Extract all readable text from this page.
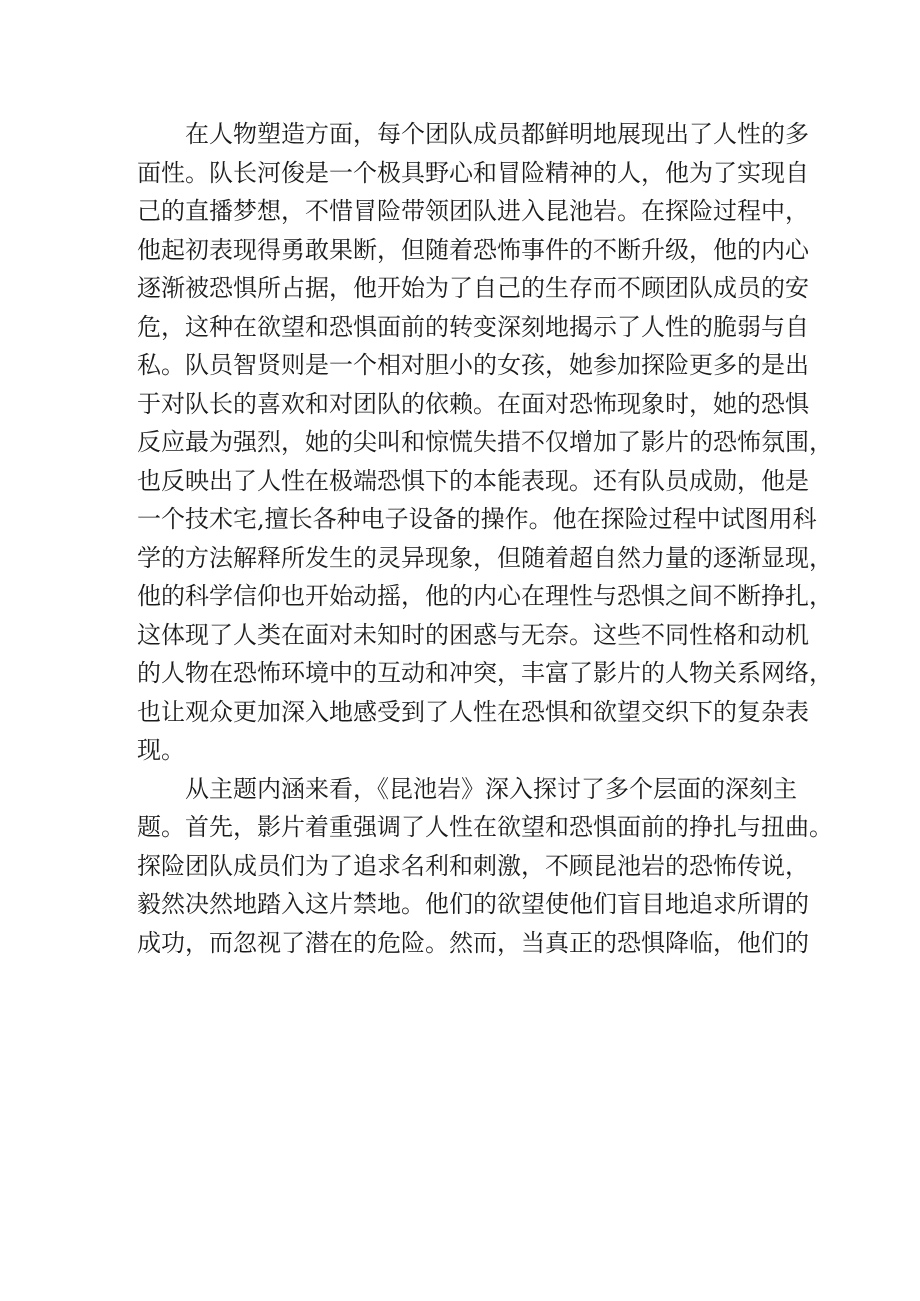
在人物塑造方面，每个团队成员都鲜明地展现出了人性的多
面性。队长河俊是一个极具野心和冒险精神的人，他为了实现自
己的直播梦想，不惜冒险带领团队进入昆池岩。在探险过程中，
他起初表现得勇敢果断，但随着恐怖事件的不断升级，他的内心
逐渐被恐惧所占据，他开始为了自己的生存而不顾团队成员的安
危，这种在欲望和恐惧面前的转变深刻地揭示了人性的脆弱与自
私。队员智贤则是一个相对胆小的女孩，她参加探险更多的是出
于对队长的喜欢和对团队的依赖。在面对恐怖现象时，她的恐惧
反应最为强烈，她的尖叫和惊慌失措不仅增加了影片的恐怖氛围，
也反映出了人性在极端恐惧下的本能表现。还有队员成勋，他是
一个技术宅,擅长各种电子设备的操作。他在探险过程中试图用科
学的方法解释所发生的灵异现象，但随着超自然力量的逐渐显现，
他的科学信仰也开始动摇，他的内心在理性与恐惧之间不断挣扎，
这体现了人类在面对未知时的困惑与无奈。这些不同性格和动机
的人物在恐怖环境中的互动和冲突，丰富了影片的人物关系网络，
也让观众更加深入地感受到了人性在恐惧和欲望交织下的复杂表
现。
从主题内涵来看，《昆池岩》深入探讨了多个层面的深刻主
题。首先，影片着重强调了人性在欲望和恐惧面前的挣扎与扭曲。
探险团队成员们为了追求名利和刺激，不顾昆池岩的恐怖传说，
毅然决然地踏入这片禁地。他们的欲望使他们盲目地追求所谓的
成功，而忽视了潜在的危险。然而，当真正的恐惧降临，他们的
